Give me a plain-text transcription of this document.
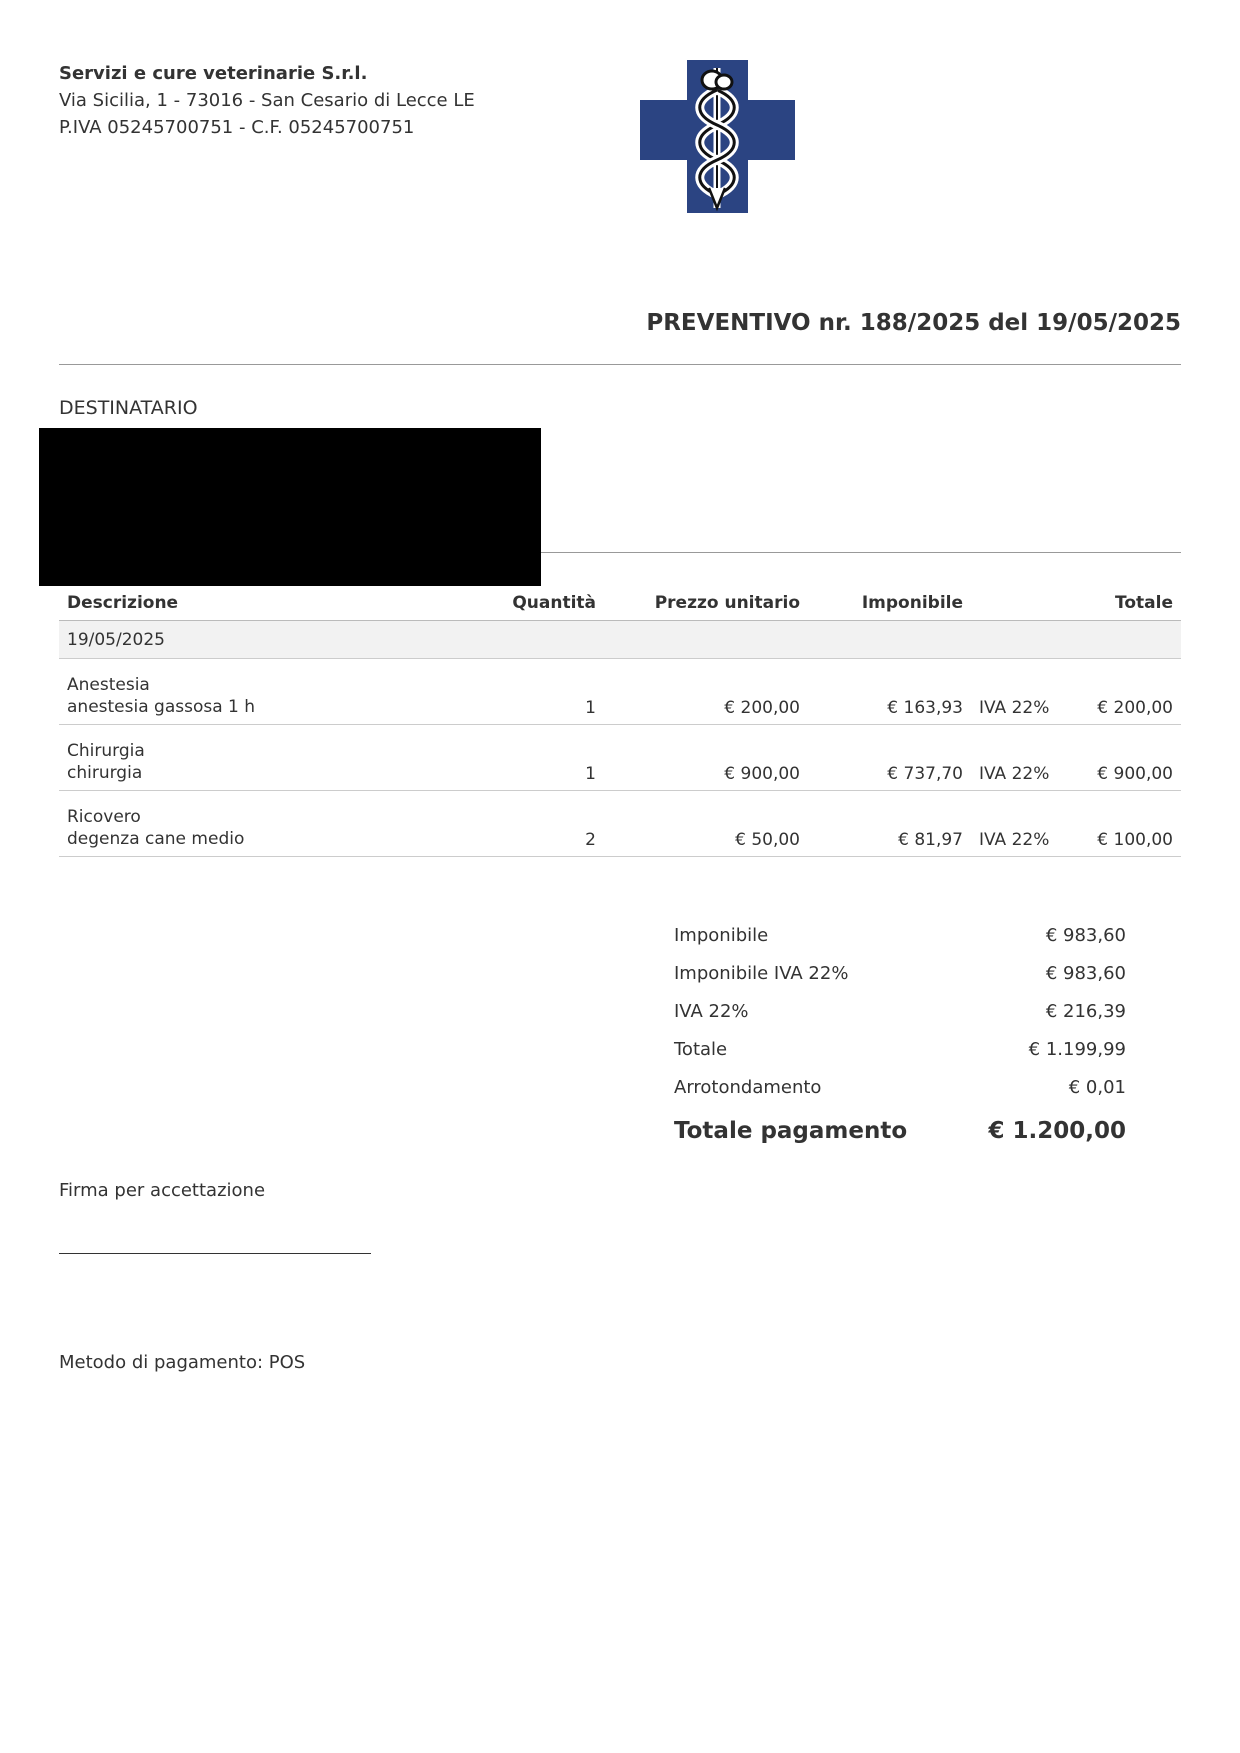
Servizi e cure veterinarie S.r.l.
Via Sicilia, 1 - 73016 - San Cesario di Lecce LE
P.IVA 05245700751 - C.F. 05245700751
PREVENTIVO nr. 188/2025 del 19/05/2025
DESTINATARIO
Descrizione	Quantità	Prezzo unitario	Imponibile		Totale
19/05/2025					

Anestesia
anestesia gassosa 1 h	1	€ 200,00	€ 163,93	IVA 22%	€ 200,00

Chirurgia
chirurgia	1	€ 900,00	€ 737,70	IVA 22%	€ 900,00

Ricovero
degenza cane medio	2	€ 50,00	€ 81,97	IVA 22%	€ 100,00
Imponibile	€ 983,60
Imponibile IVA 22%	€ 983,60
IVA 22%	€ 216,39
Totale	€ 1.199,99
Arrotondamento	€ 0,01
Totale pagamento	€ 1.200,00
Firma per accettazione
Metodo di pagamento: POS
